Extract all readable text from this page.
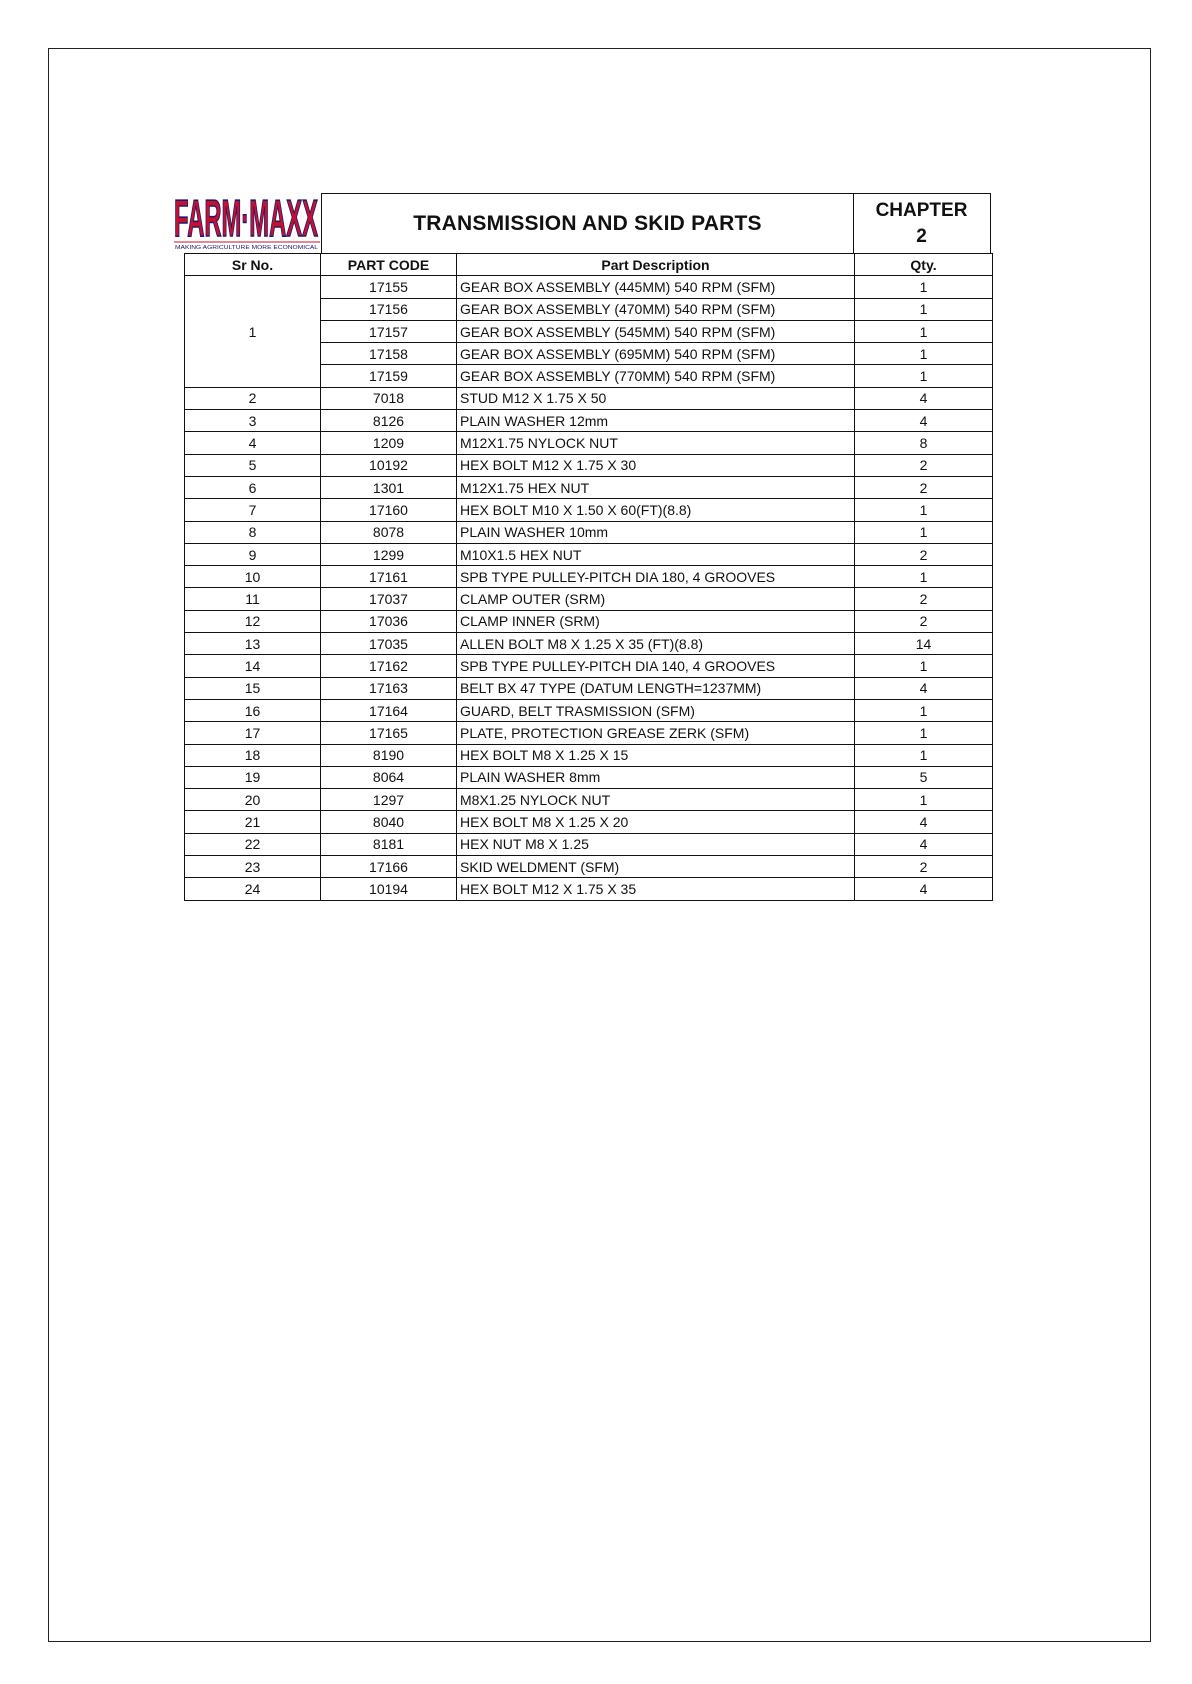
FARM·MAXX
MAKING AGRICULTURE MORE ECONOMICAL
TRANSMISSION AND SKID PARTS
CHAPTER
2
Sr No.	PART CODE	Part Description	Qty.
1	17155	GEAR BOX ASSEMBLY (445MM) 540 RPM (SFM)	1
	17156	GEAR BOX ASSEMBLY (470MM) 540 RPM (SFM)	1
	17157	GEAR BOX ASSEMBLY (545MM) 540 RPM (SFM)	1
	17158	GEAR BOX ASSEMBLY (695MM) 540 RPM (SFM)	1
	17159	GEAR BOX ASSEMBLY (770MM) 540 RPM (SFM)	1
2	7018	STUD M12 X 1.75 X 50	4
3	8126	PLAIN WASHER 12mm	4
4	1209	M12X1.75 NYLOCK NUT	8
5	10192	HEX BOLT M12 X 1.75 X 30	2
6	1301	M12X1.75 HEX NUT	2
7	17160	HEX BOLT M10 X 1.50 X 60(FT)(8.8)	1
8	8078	PLAIN WASHER 10mm	1
9	1299	M10X1.5 HEX NUT	2
10	17161	SPB TYPE PULLEY-PITCH DIA 180, 4 GROOVES	1
11	17037	CLAMP OUTER (SRM)	2
12	17036	CLAMP INNER (SRM)	2
13	17035	ALLEN BOLT M8 X 1.25 X 35 (FT)(8.8)	14
14	17162	SPB TYPE PULLEY-PITCH DIA 140, 4 GROOVES	1
15	17163	BELT BX 47 TYPE (DATUM LENGTH=1237MM)	4
16	17164	GUARD, BELT TRASMISSION (SFM)	1
17	17165	PLATE, PROTECTION GREASE ZERK (SFM)	1
18	8190	HEX BOLT M8 X 1.25 X 15	1
19	8064	PLAIN WASHER 8mm	5
20	1297	M8X1.25 NYLOCK NUT	1
21	8040	HEX BOLT M8 X 1.25 X 20	4
22	8181	HEX NUT M8 X 1.25	4
23	17166	SKID WELDMENT (SFM)	2
24	10194	HEX BOLT M12 X 1.75 X 35	4
